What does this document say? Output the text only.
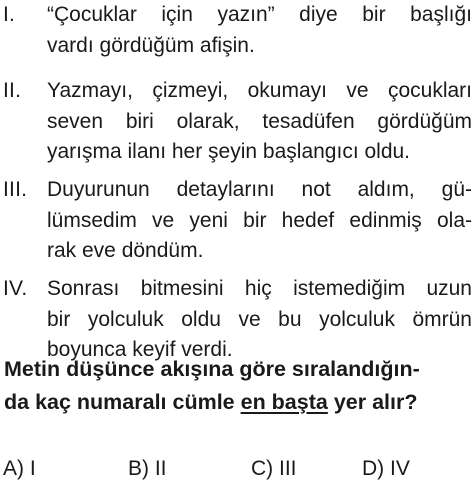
I. “Çocuklar için yazın” diye bir başlığı
vardı gördüğüm afişin.
II. Yazmayı, çizmeyi, okumayı ve çocukları
seven biri olarak, tesadüfen gördüğüm
yarışma ilanı her şeyin başlangıcı oldu.
III. Duyurunun detaylarını not aldım, gü-
lümsedim ve yeni bir hedef edinmiş ola-
rak eve döndüm.
IV. Sonrası bitmesini hiç istemediğim uzun
bir yolculuk oldu ve bu yolculuk ömrün
boyunca keyif verdi.
Metin düşünce akışına göre sıralandığın-
da kaç numaralı cümle en başta yer alır?
A) I	B) II	C) III	D) IV
